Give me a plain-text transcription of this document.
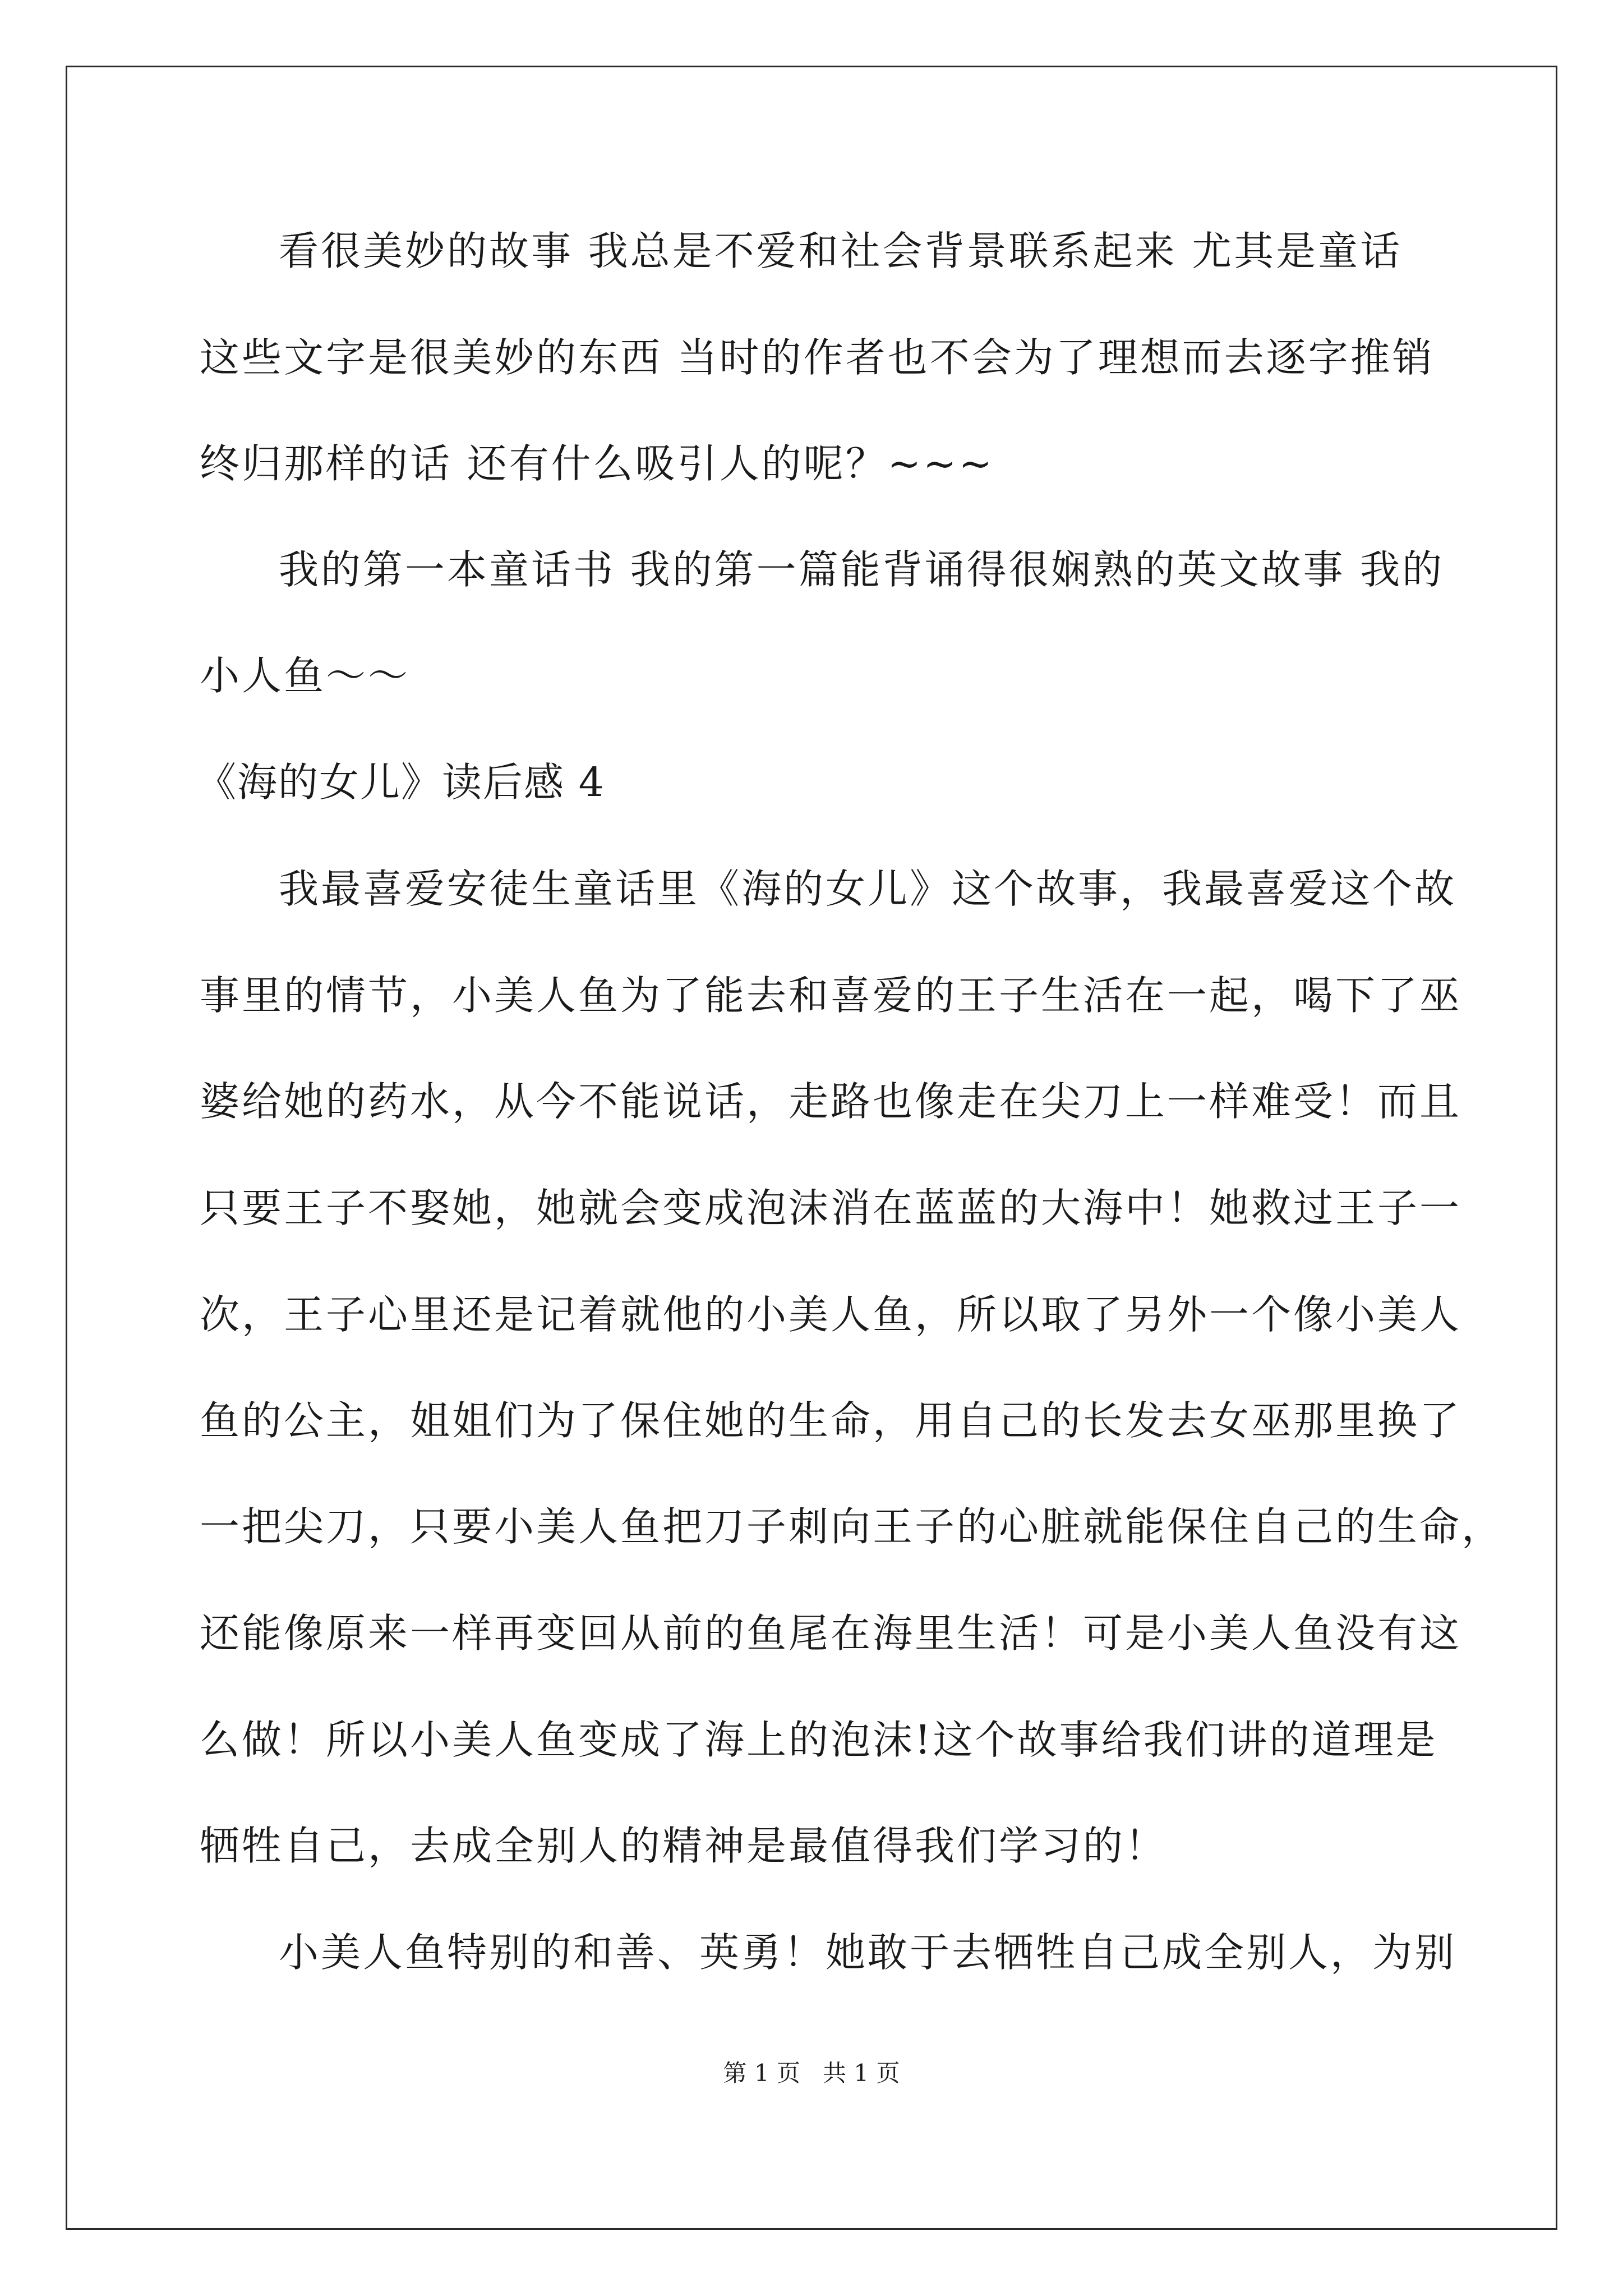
看很美妙的故事 我总是不爱和社会背景联系起来 尤其是童话
这些文字是很美妙的东西 当时的作者也不会为了理想而去逐字推销
终归那样的话 还有什么吸引人的呢？~~~
我的第一本童话书 我的第一篇能背诵得很娴熟的英文故事 我的
小人鱼～～
《海的女儿》读后感 4
我最喜爱安徒生童话里《海的女儿》这个故事，我最喜爱这个故
事里的情节，小美人鱼为了能去和喜爱的王子生活在一起，喝下了巫
婆给她的药水，从今不能说话，走路也像走在尖刀上一样难受！而且
只要王子不娶她，她就会变成泡沫消在蓝蓝的大海中！她救过王子一
次，王子心里还是记着就他的小美人鱼，所以取了另外一个像小美人
鱼的公主，姐姐们为了保住她的生命，用自己的长发去女巫那里换了
一把尖刀，只要小美人鱼把刀子刺向王子的心脏就能保住自己的生命，
还能像原来一样再变回从前的鱼尾在海里生活！可是小美人鱼没有这
么做！所以小美人鱼变成了海上的泡沫!这个故事给我们讲的道理是
牺牲自己，去成全别人的精神是最值得我们学习的！
小美人鱼特别的和善、英勇！她敢于去牺牲自己成全别人，为别
第 1 页   共 1 页
